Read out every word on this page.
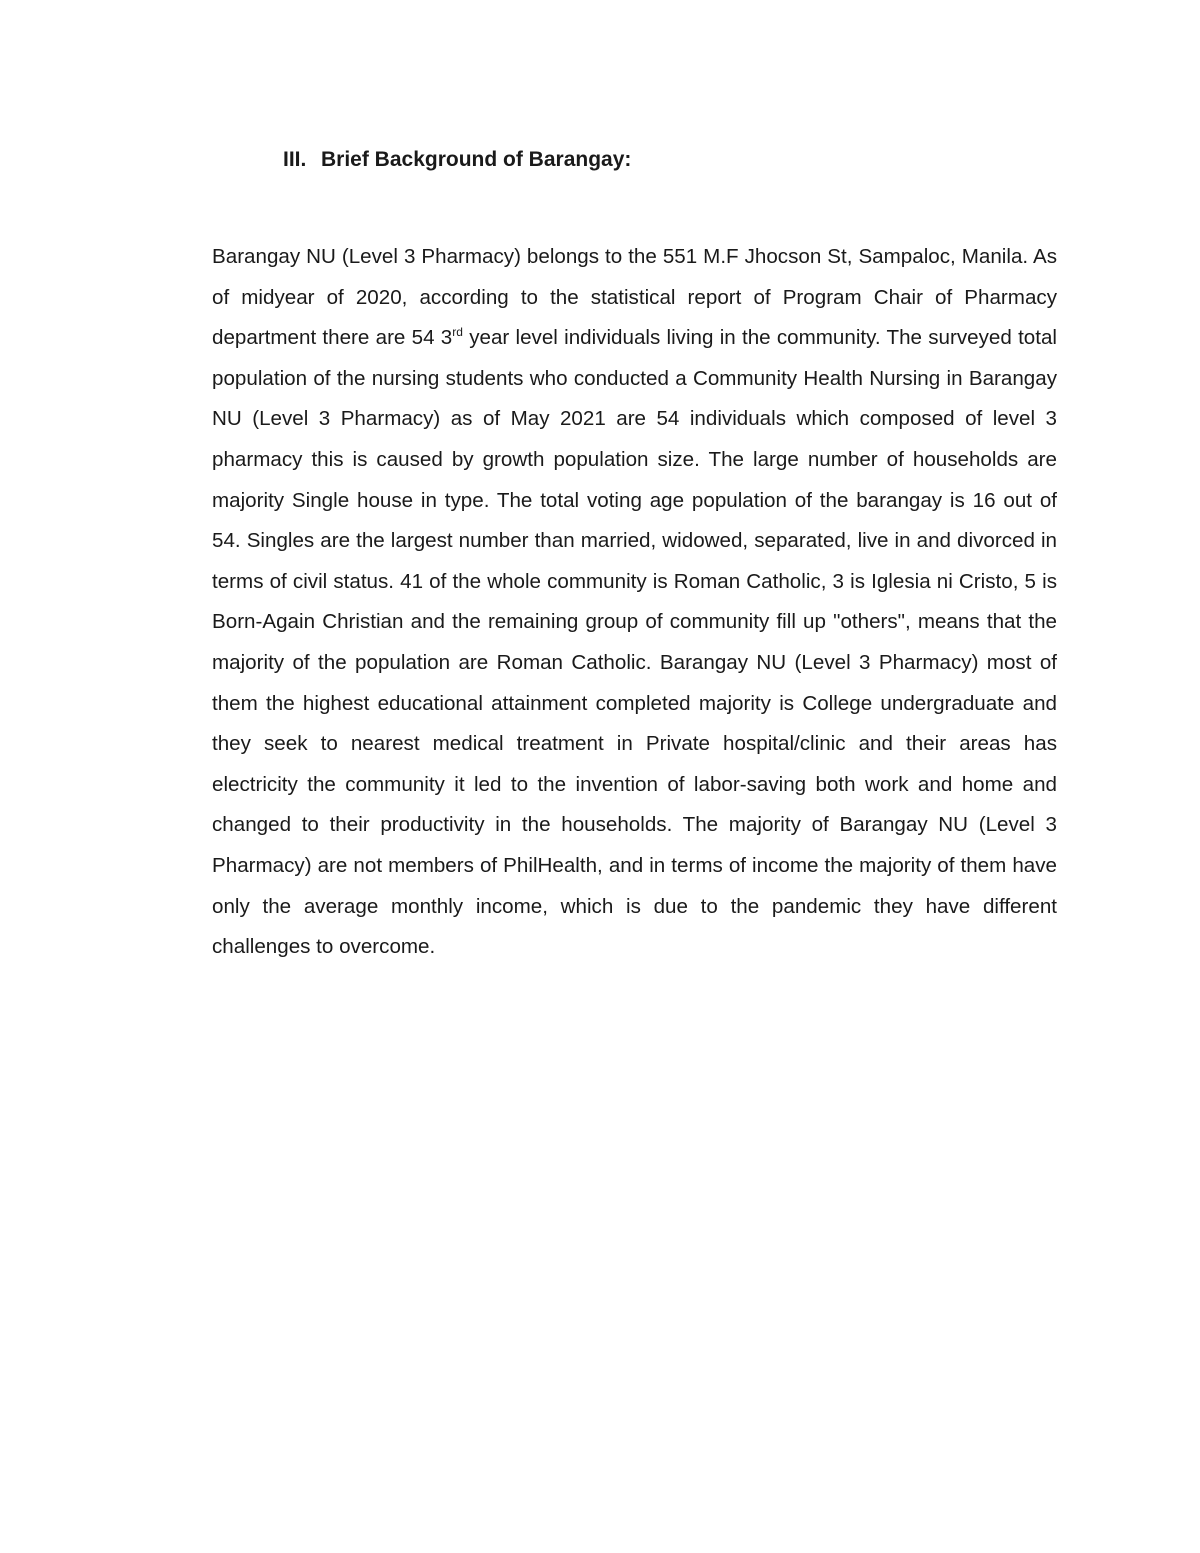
III. Brief Background of Barangay:

Barangay NU (Level 3 Pharmacy) belongs to the 551 M.F Jhocson St, Sampaloc, Manila. As of midyear of 2020, according to the statistical report of Program Chair of Pharmacy department there are 54 3rd year level individuals living in the community. The surveyed total population of the nursing students who conducted a Community Health Nursing in Barangay NU (Level 3 Pharmacy) as of May 2021 are 54 individuals which composed of level 3 pharmacy this is caused by growth population size. The large number of households are majority Single house in type. The total voting age population of the barangay is 16 out of 54. Singles are the largest number than married, widowed, separated, live in and divorced in terms of civil status. 41 of the whole community is Roman Catholic, 3 is Iglesia ni Cristo, 5 is Born-Again Christian and the remaining group of community fill up "others", means that the majority of the population are Roman Catholic. Barangay NU (Level 3 Pharmacy) most of them the highest educational attainment completed majority is College undergraduate and they seek to nearest medical treatment in Private hospital/clinic and their areas has electricity the community it led to the invention of labor-saving both work and home and changed to their productivity in the households. The majority of Barangay NU (Level 3 Pharmacy) are not members of PhilHealth, and in terms of income the majority of them have only the average monthly income, which is due to the pandemic they have different challenges to overcome.
